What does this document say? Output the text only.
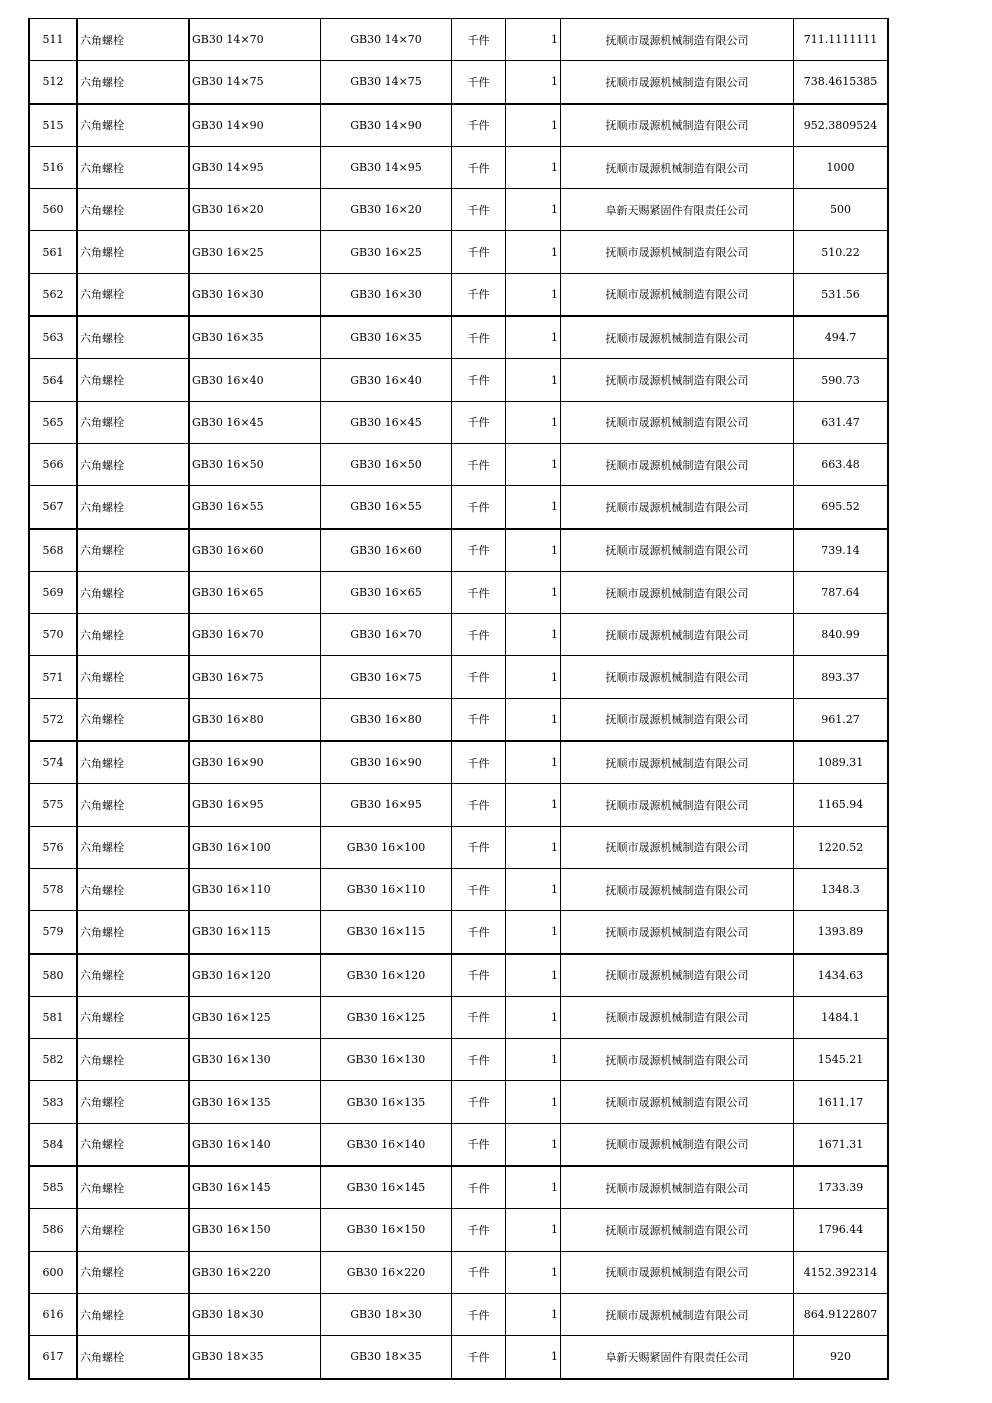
511	六角螺栓	GB30 14×70	GB30 14×70	千件	1	抚顺市晟源机械制造有限公司	711.1111111
512	六角螺栓	GB30 14×75	GB30 14×75	千件	1	抚顺市晟源机械制造有限公司	738.4615385
515	六角螺栓	GB30 14×90	GB30 14×90	千件	1	抚顺市晟源机械制造有限公司	952.3809524
516	六角螺栓	GB30 14×95	GB30 14×95	千件	1	抚顺市晟源机械制造有限公司	1000
560	六角螺栓	GB30 16×20	GB30 16×20	千件	1	阜新天赐紧固件有限责任公司	500
561	六角螺栓	GB30 16×25	GB30 16×25	千件	1	抚顺市晟源机械制造有限公司	510.22
562	六角螺栓	GB30 16×30	GB30 16×30	千件	1	抚顺市晟源机械制造有限公司	531.56
563	六角螺栓	GB30 16×35	GB30 16×35	千件	1	抚顺市晟源机械制造有限公司	494.7
564	六角螺栓	GB30 16×40	GB30 16×40	千件	1	抚顺市晟源机械制造有限公司	590.73
565	六角螺栓	GB30 16×45	GB30 16×45	千件	1	抚顺市晟源机械制造有限公司	631.47
566	六角螺栓	GB30 16×50	GB30 16×50	千件	1	抚顺市晟源机械制造有限公司	663.48
567	六角螺栓	GB30 16×55	GB30 16×55	千件	1	抚顺市晟源机械制造有限公司	695.52
568	六角螺栓	GB30 16×60	GB30 16×60	千件	1	抚顺市晟源机械制造有限公司	739.14
569	六角螺栓	GB30 16×65	GB30 16×65	千件	1	抚顺市晟源机械制造有限公司	787.64
570	六角螺栓	GB30 16×70	GB30 16×70	千件	1	抚顺市晟源机械制造有限公司	840.99
571	六角螺栓	GB30 16×75	GB30 16×75	千件	1	抚顺市晟源机械制造有限公司	893.37
572	六角螺栓	GB30 16×80	GB30 16×80	千件	1	抚顺市晟源机械制造有限公司	961.27
574	六角螺栓	GB30 16×90	GB30 16×90	千件	1	抚顺市晟源机械制造有限公司	1089.31
575	六角螺栓	GB30 16×95	GB30 16×95	千件	1	抚顺市晟源机械制造有限公司	1165.94
576	六角螺栓	GB30 16×100	GB30 16×100	千件	1	抚顺市晟源机械制造有限公司	1220.52
578	六角螺栓	GB30 16×110	GB30 16×110	千件	1	抚顺市晟源机械制造有限公司	1348.3
579	六角螺栓	GB30 16×115	GB30 16×115	千件	1	抚顺市晟源机械制造有限公司	1393.89
580	六角螺栓	GB30 16×120	GB30 16×120	千件	1	抚顺市晟源机械制造有限公司	1434.63
581	六角螺栓	GB30 16×125	GB30 16×125	千件	1	抚顺市晟源机械制造有限公司	1484.1
582	六角螺栓	GB30 16×130	GB30 16×130	千件	1	抚顺市晟源机械制造有限公司	1545.21
583	六角螺栓	GB30 16×135	GB30 16×135	千件	1	抚顺市晟源机械制造有限公司	1611.17
584	六角螺栓	GB30 16×140	GB30 16×140	千件	1	抚顺市晟源机械制造有限公司	1671.31
585	六角螺栓	GB30 16×145	GB30 16×145	千件	1	抚顺市晟源机械制造有限公司	1733.39
586	六角螺栓	GB30 16×150	GB30 16×150	千件	1	抚顺市晟源机械制造有限公司	1796.44
600	六角螺栓	GB30 16×220	GB30 16×220	千件	1	抚顺市晟源机械制造有限公司	4152.392314
616	六角螺栓	GB30 18×30	GB30 18×30	千件	1	抚顺市晟源机械制造有限公司	864.9122807
617	六角螺栓	GB30 18×35	GB30 18×35	千件	1	阜新天赐紧固件有限责任公司	920
